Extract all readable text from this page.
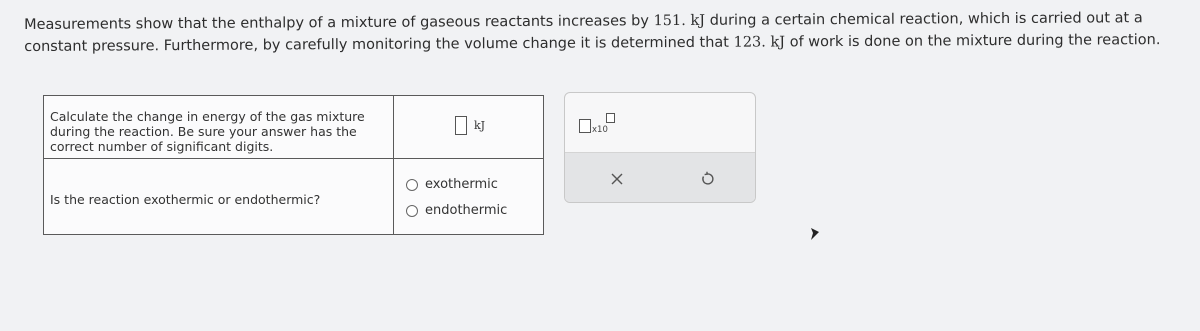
Measurements show that the enthalpy of a mixture of gaseous reactants increases by 151. kJ during a certain chemical reaction, which is carried out at a constant pressure. Furthermore, by carefully monitoring the volume change it is determined that 123. kJ of work is done on the mixture during the reaction.
Calculate the change in energy of the gas mixture during the reaction. Be sure your answer has the correct number of significant digits.
kJ
Is the reaction exothermic or endothermic?
exothermic
endothermic
x10
